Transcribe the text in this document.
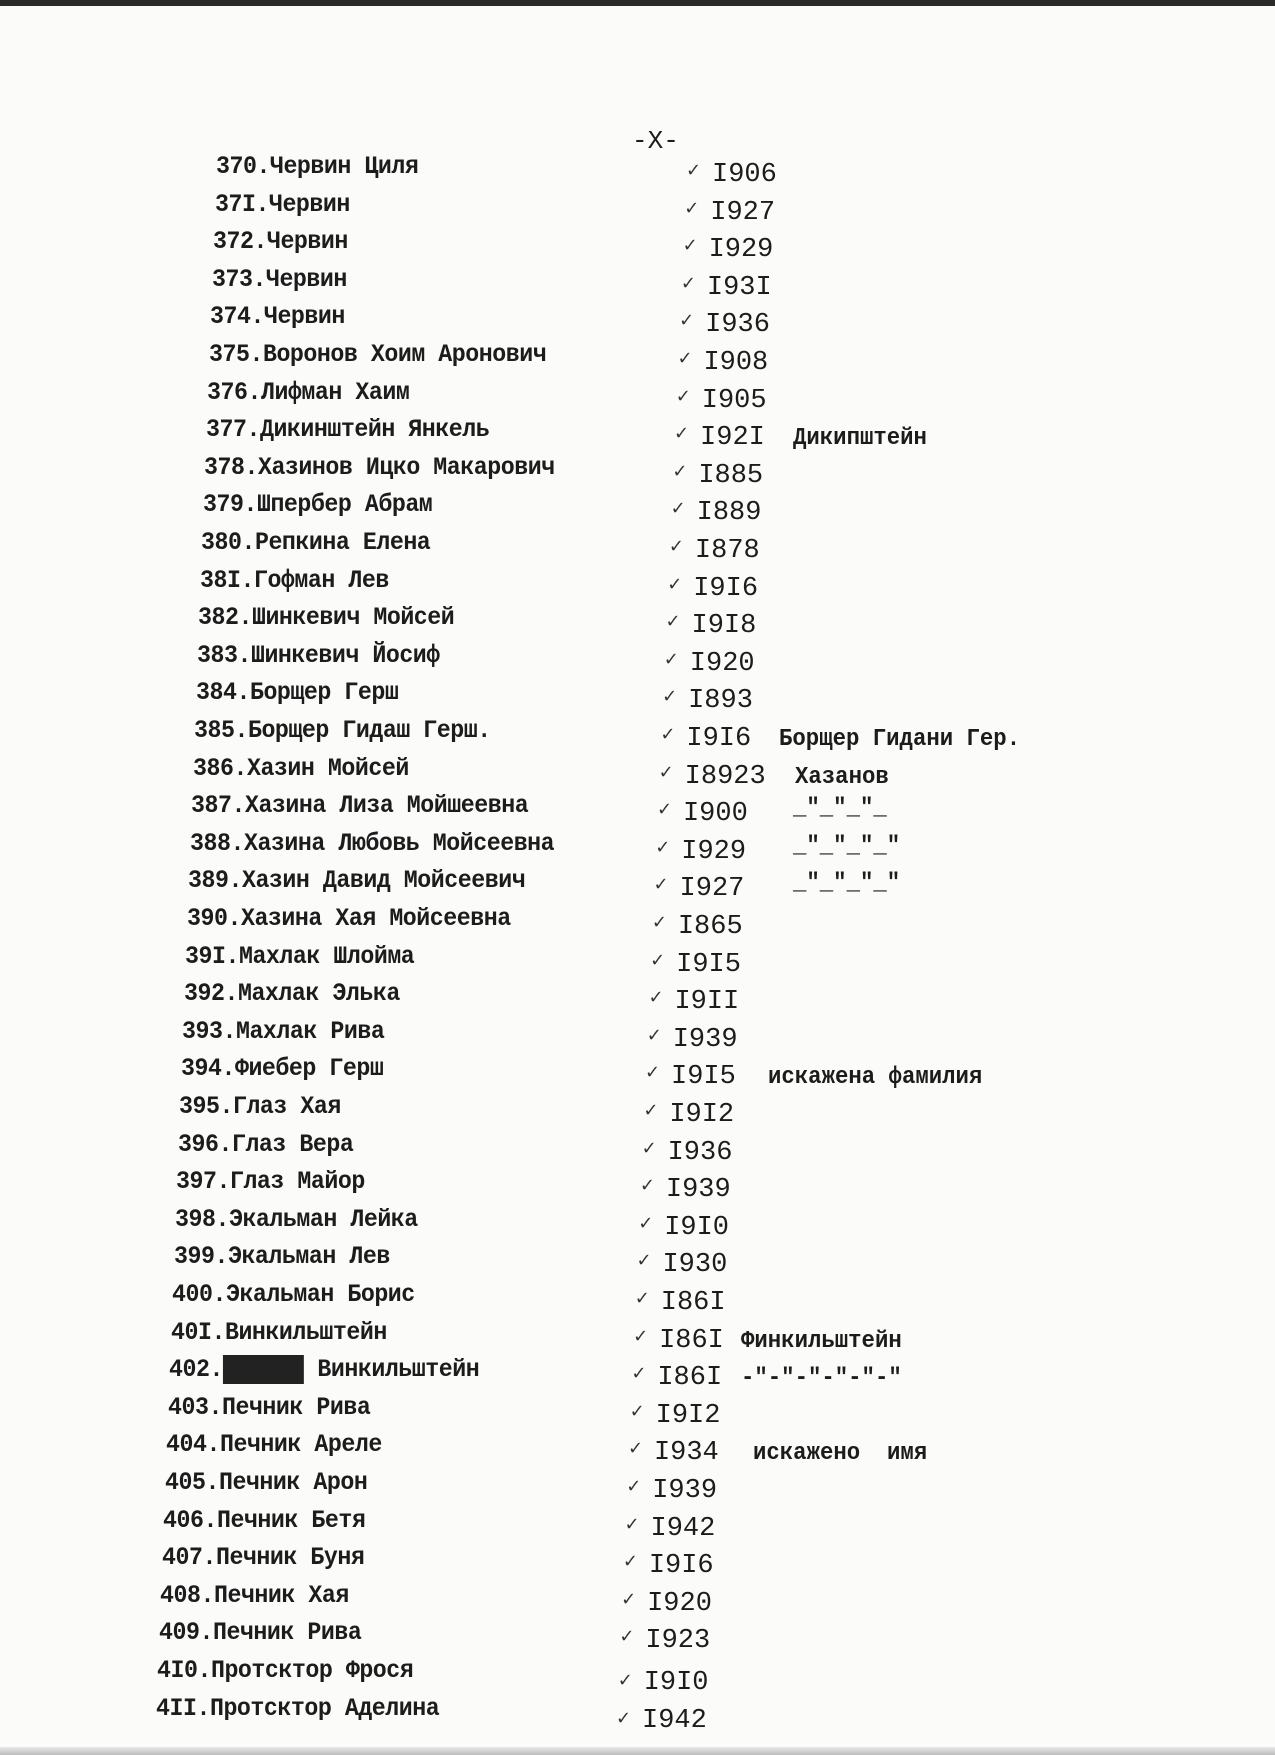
-X-
370.Червин Циля	✓ I906
37I.Червин	✓ I927
372.Червин	✓ I929
373.Червин	✓ I93I
374.Червин	✓ I936
375.Воронов Хоим Аронович	✓ I908
376.Лифман Хаим	✓ I905
377.Дикинштейн Янкель	✓ I92I Дикипштейн
378.Хазинов Ицко Макарович	✓ I885
379.Шпербер Абрам	✓ I889
380.Репкина Елена	✓ I878
38I.Гофман Лев	✓ I9I6
382.Шинкевич Мойсей	✓ I9I8
383.Шинкевич Йосиф	✓ I920
384.Борщер Герш	✓ I893
385.Борщер Гидаш Герш.	✓ I9I6 Борщер Гидани Гер.
386.Хазин Мойсей	✓ I8923 Хазанов
387.Хазина Лиза Мойшеевна	✓ I900 _"_"_"_
388.Хазина Любовь Мойсеевна	✓ I929 _"_"_"_"
389.Хазин Давид Мойсеевич	✓ I927 _"_"_"_"
390.Хазина Хая Мойсеевна	✓ I865
39I.Махлак Шлойма	✓ I9I5
392.Махлак Элька	✓ I9II
393.Махлак Рива	✓ I939
394.Фиебер Герш	✓ I9I5 искажена фамилия
395.Глаз Хая	✓ I9I2
396.Глаз Вера	✓ I936
397.Глаз Майор	✓ I939
398.Экальман Лейка	✓ I9I0
399.Экальман Лев	✓ I930
400.Экальман Борис	✓ I86I
40I.Винкильштейн	✓ I86I Финкильштейн
402.Виииии Винкильштейн	✓ I86I -"-"-"-"-"-"
403.Печник Рива	✓ I9I2
404.Печник Ареле	✓ I934 искажено  имя
405.Печник Арон	✓ I939
406.Печник Бетя	✓ I942
407.Печник Буня	✓ I9I6
408.Печник Хая	✓ I920
409.Печник Рива	✓ I923
4I0.Протсктор Фрося	✓ I9I0
4II.Протсктор Аделина	✓ I942
